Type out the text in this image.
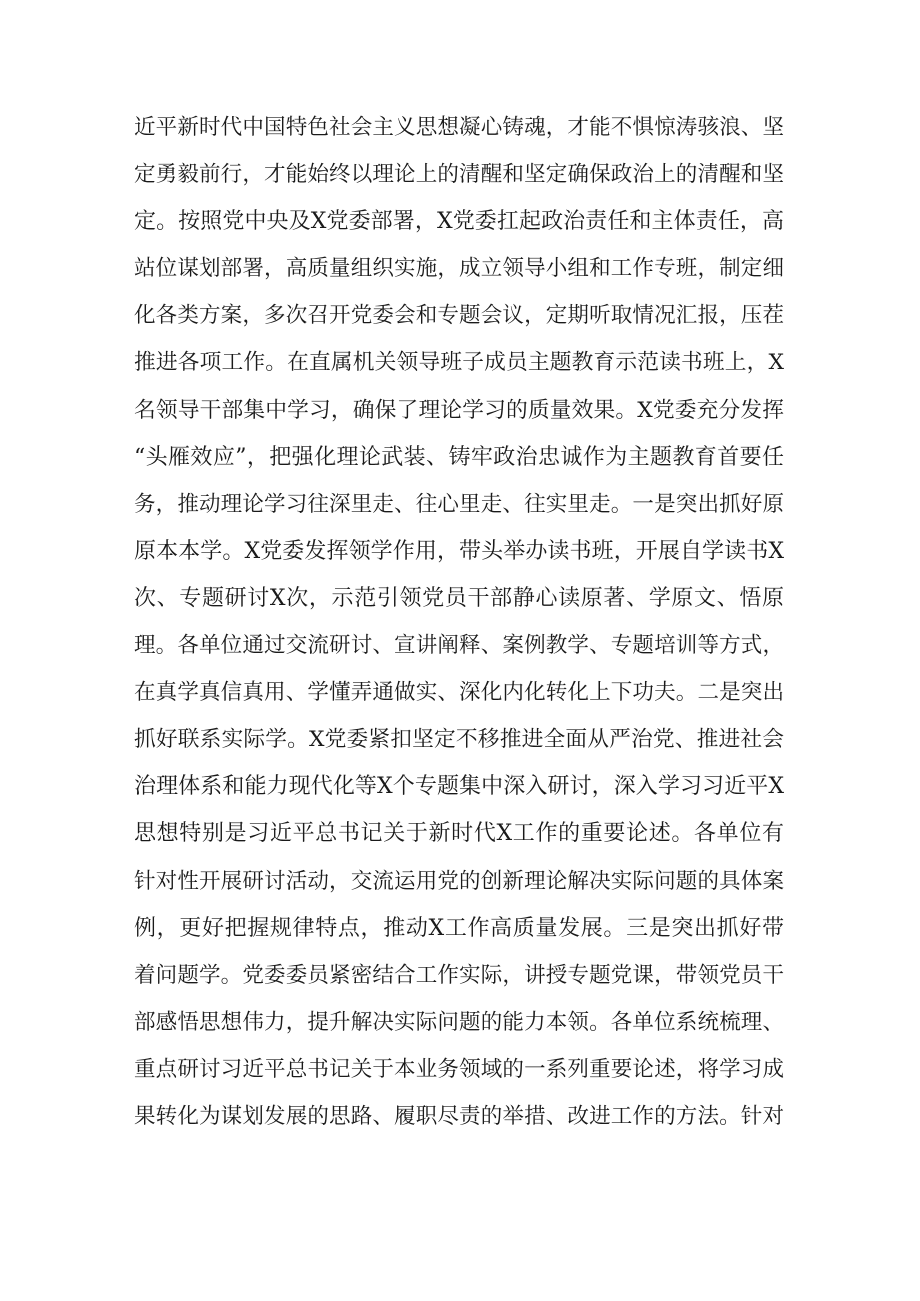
近平新时代中国特色社会主义思想凝心铸魂，才能不惧惊涛骇浪、坚
定勇毅前行，才能始终以理论上的清醒和坚定确保政治上的清醒和坚
定。按照党中央及X党委部署，X党委扛起政治责任和主体责任，高
站位谋划部署，高质量组织实施，成立领导小组和工作专班，制定细
化各类方案，多次召开党委会和专题会议，定期听取情况汇报，压茬
推进各项工作。在直属机关领导班子成员主题教育示范读书班上，X
名领导干部集中学习，确保了理论学习的质量效果。X党委充分发挥
“头雁效应”，把强化理论武装、铸牢政治忠诚作为主题教育首要任
务，推动理论学习往深里走、往心里走、往实里走。一是突出抓好原
原本本学。X党委发挥领学作用，带头举办读书班，开展自学读书X
次、专题研讨X次，示范引领党员干部静心读原著、学原文、悟原
理。各单位通过交流研讨、宣讲阐释、案例教学、专题培训等方式，
在真学真信真用、学懂弄通做实、深化内化转化上下功夫。二是突出
抓好联系实际学。X党委紧扣坚定不移推进全面从严治党、推进社会
治理体系和能力现代化等X个专题集中深入研讨，深入学习习近平X
思想特别是习近平总书记关于新时代X工作的重要论述。各单位有
针对性开展研讨活动，交流运用党的创新理论解决实际问题的具体案
例，更好把握规律特点，推动X工作高质量发展。三是突出抓好带
着问题学。党委委员紧密结合工作实际，讲授专题党课，带领党员干
部感悟思想伟力，提升解决实际问题的能力本领。各单位系统梳理、
重点研讨习近平总书记关于本业务领域的一系列重要论述，将学习成
果转化为谋划发展的思路、履职尽责的举措、改进工作的方法。针对
